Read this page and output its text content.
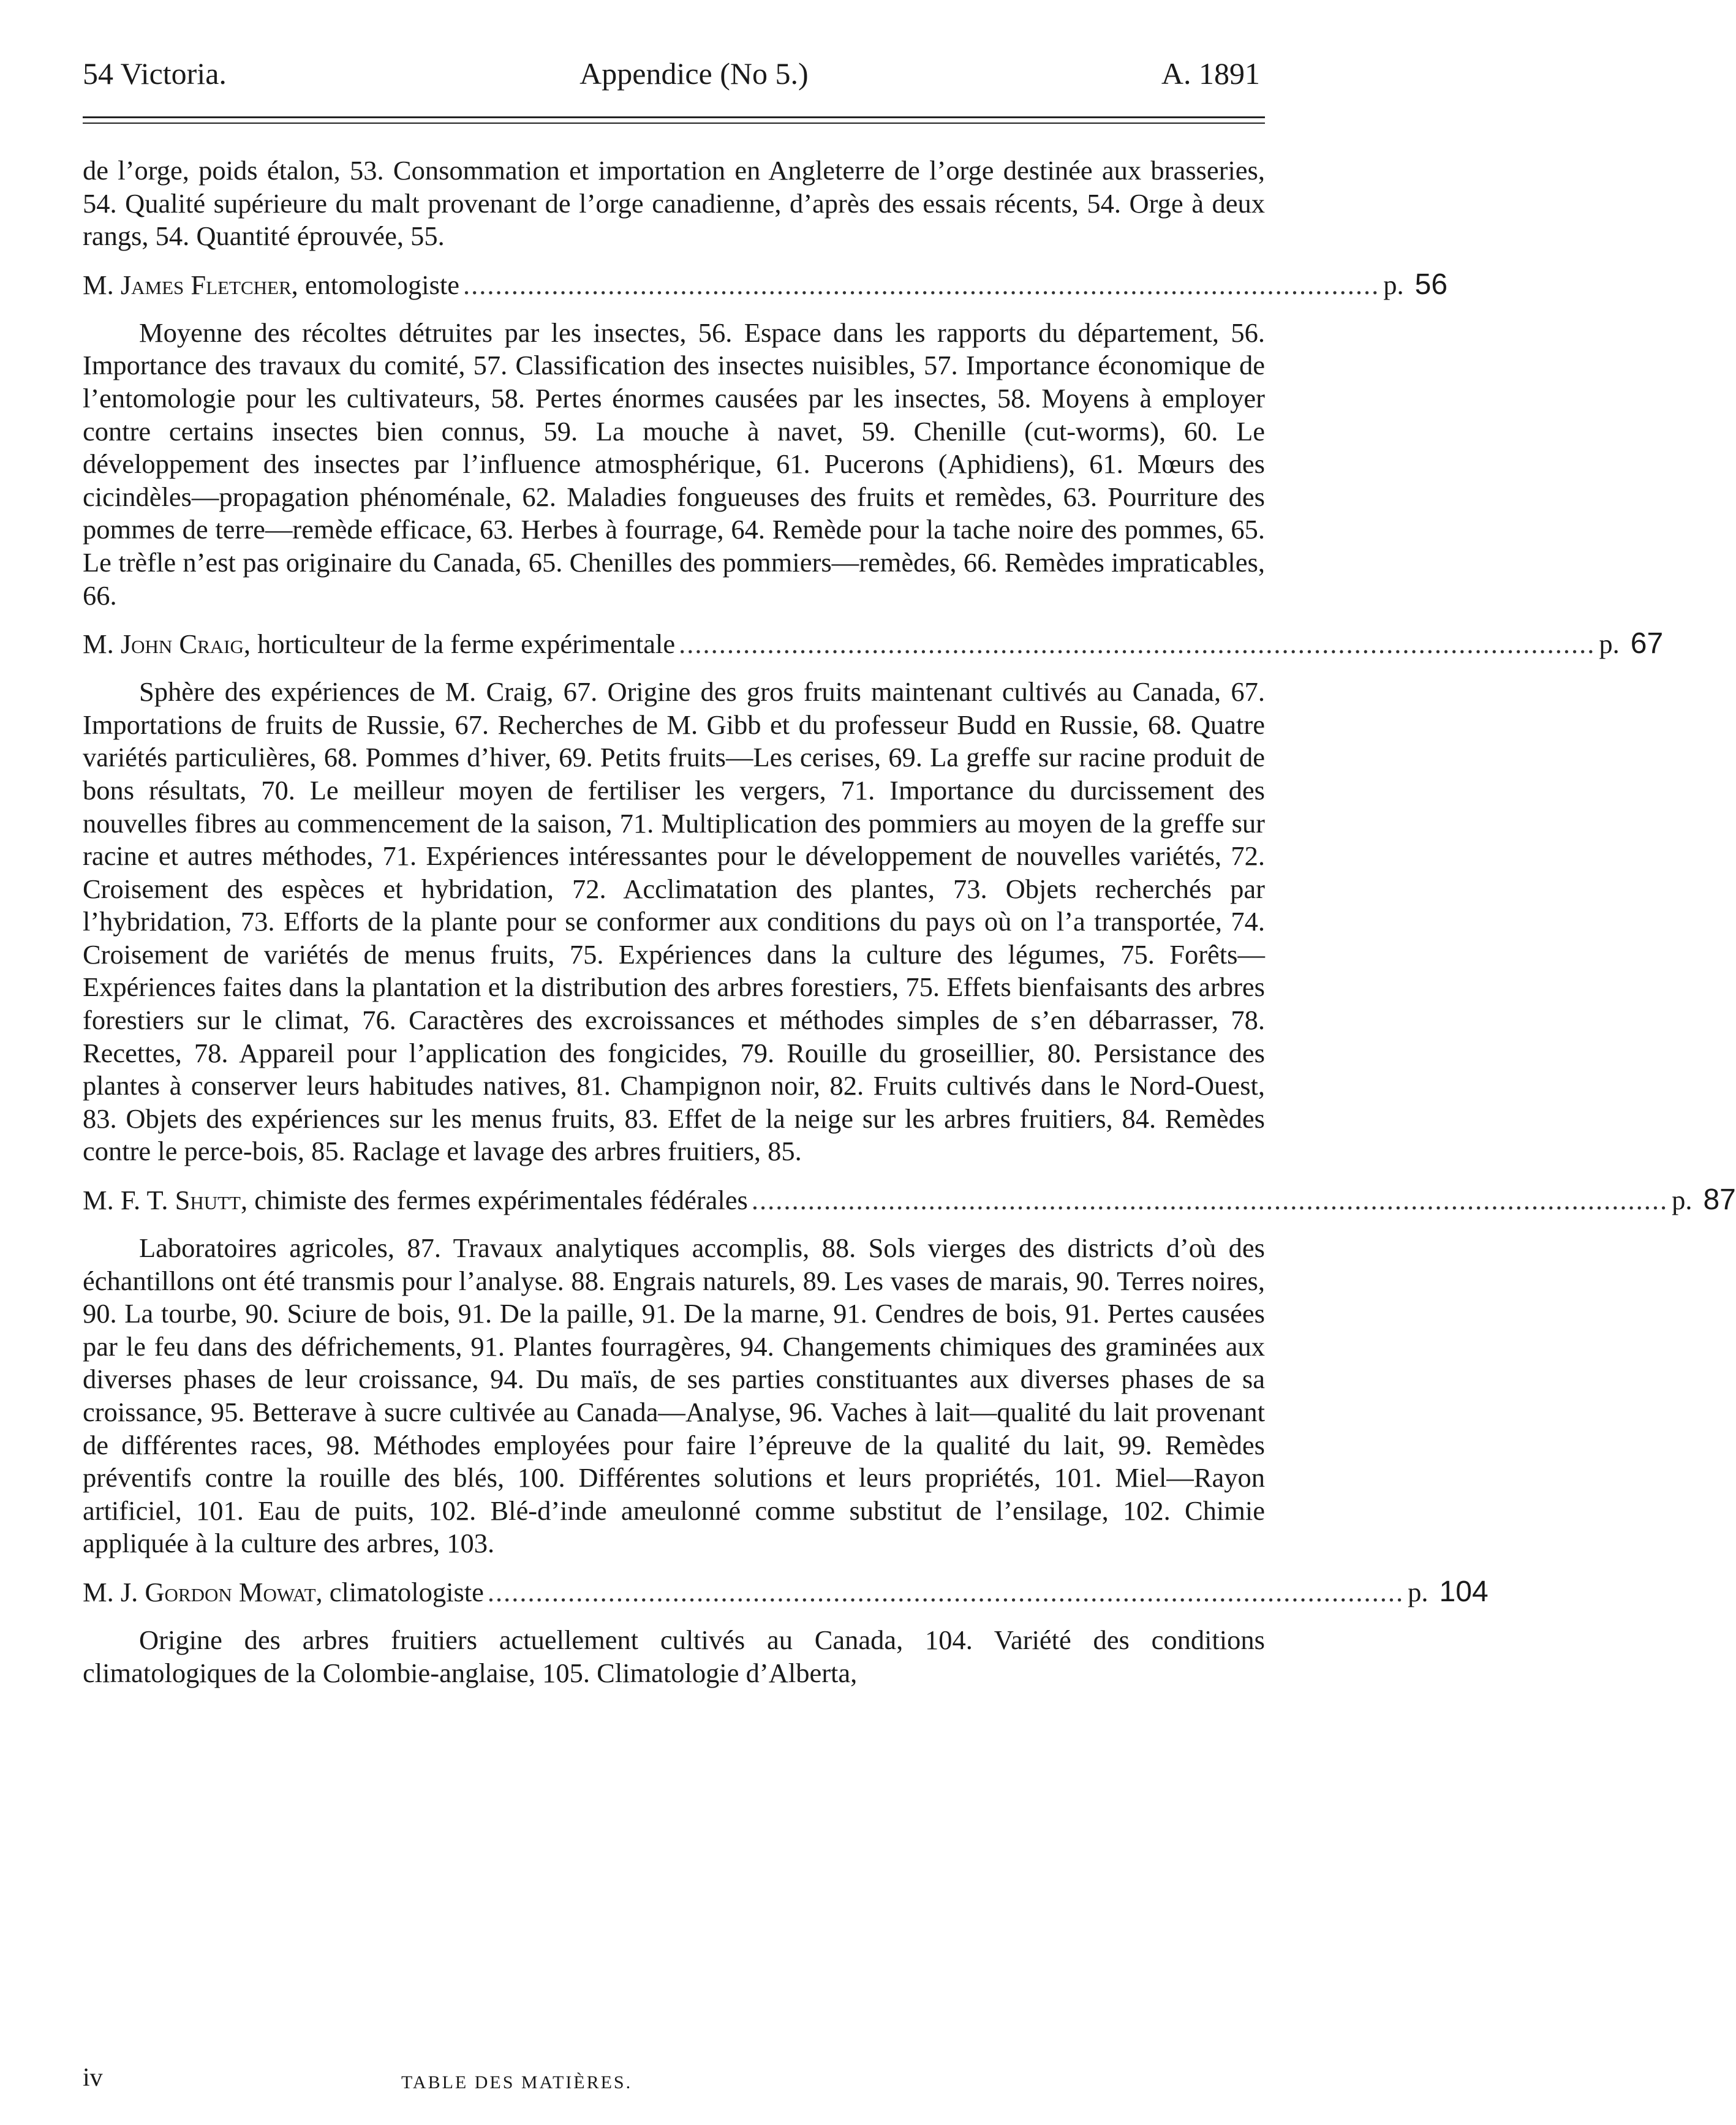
54 Victoria.	Appendice (No 5.)	A. 1891

de l’orge, poids étalon, 53. Consommation et importation en Angleterre de l’orge destinée aux brasseries, 54. Qualité supérieure du malt provenant de l’orge canadienne, d’après des essais récents, 54. Orge à deux rangs, 54. Quantité éprouvée, 55.

M. James Fletcher, entomologiste .................................................................................................................. p. 56

Moyenne des récoltes détruites par les insectes, 56. Espace dans les rapports du département, 56. Importance des travaux du comité, 57. Classification des insectes nuisibles, 57. Importance économique de l’entomologie pour les cultivateurs, 58. Pertes énormes causées par les insectes, 58. Moyens à employer contre certains insectes bien connus, 59. La mouche à navet, 59. Chenille (cut-worms), 60. Le développement des insectes par l’influence atmosphérique, 61. Pucerons (Aphidiens), 61. Mœurs des cicindèles—propagation phénoménale, 62. Maladies fongueuses des fruits et remèdes, 63. Pourriture des pommes de terre—remède efficace, 63. Herbes à fourrage, 64. Remède pour la tache noire des pommes, 65. Le trèfle n’est pas originaire du Canada, 65. Chenilles des pommiers—remèdes, 66. Remèdes impraticables, 66.

M. John Craig, horticulteur de la ferme expérimentale .................................................................................................................. p. 67

Sphère des expériences de M. Craig, 67. Origine des gros fruits maintenant cultivés au Canada, 67. Importations de fruits de Russie, 67. Recherches de M. Gibb et du professeur Budd en Russie, 68. Quatre variétés particulières, 68. Pommes d’hiver, 69. Petits fruits—Les cerises, 69. La greffe sur racine produit de bons résultats, 70. Le meilleur moyen de fertiliser les vergers, 71. Importance du durcissement des nouvelles fibres au commencement de la saison, 71. Multiplication des pommiers au moyen de la greffe sur racine et autres méthodes, 71. Expériences intéressantes pour le développement de nouvelles variétés, 72. Croisement des espèces et hybridation, 72. Acclimatation des plantes, 73. Objets recherchés par l’hybridation, 73. Efforts de la plante pour se conformer aux conditions du pays où on l’a transportée, 74. Croisement de variétés de menus fruits, 75. Expériences dans la culture des légumes, 75. Forêts—Expériences faites dans la plantation et la distribution des arbres forestiers, 75. Effets bienfaisants des arbres forestiers sur le climat, 76. Caractères des excroissances et méthodes simples de s’en débarrasser, 78. Recettes, 78. Appareil pour l’application des fongicides, 79. Rouille du groseillier, 80. Persistance des plantes à conserver leurs habitudes natives, 81. Champignon noir, 82. Fruits cultivés dans le Nord-Ouest, 83. Objets des expériences sur les menus fruits, 83. Effet de la neige sur les arbres fruitiers, 84. Remèdes contre le perce-bois, 85. Raclage et lavage des arbres fruitiers, 85.

M. F. T. Shutt, chimiste des fermes expérimentales fédérales .................................................................................................................. p. 87

Laboratoires agricoles, 87. Travaux analytiques accomplis, 88. Sols vierges des districts d’où des échantillons ont été transmis pour l’analyse. 88. Engrais naturels, 89. Les vases de marais, 90. Terres noires, 90. La tourbe, 90. Sciure de bois, 91. De la paille, 91. De la marne, 91. Cendres de bois, 91. Pertes causées par le feu dans des défrichements, 91. Plantes fourragères, 94. Changements chimiques des graminées aux diverses phases de leur croissance, 94. Du maïs, de ses parties constituantes aux diverses phases de sa croissance, 95. Betterave à sucre cultivée au Canada—Analyse, 96. Vaches à lait—qualité du lait provenant de différentes races, 98. Méthodes employées pour faire l’épreuve de la qualité du lait, 99. Remèdes préventifs contre la rouille des blés, 100. Différentes solutions et leurs propriétés, 101. Miel—Rayon artificiel, 101. Eau de puits, 102. Blé-d’inde ameulonné comme substitut de l’ensilage, 102. Chimie appliquée à la culture des arbres, 103.

M. J. Gordon Mowat, climatologiste .................................................................................................................. p. 104

Origine des arbres fruitiers actuellement cultivés au Canada, 104. Variété des conditions climatologiques de la Colombie-anglaise, 105. Climatologie d’Alberta,

iv	TABLE DES MATIÈRES.
